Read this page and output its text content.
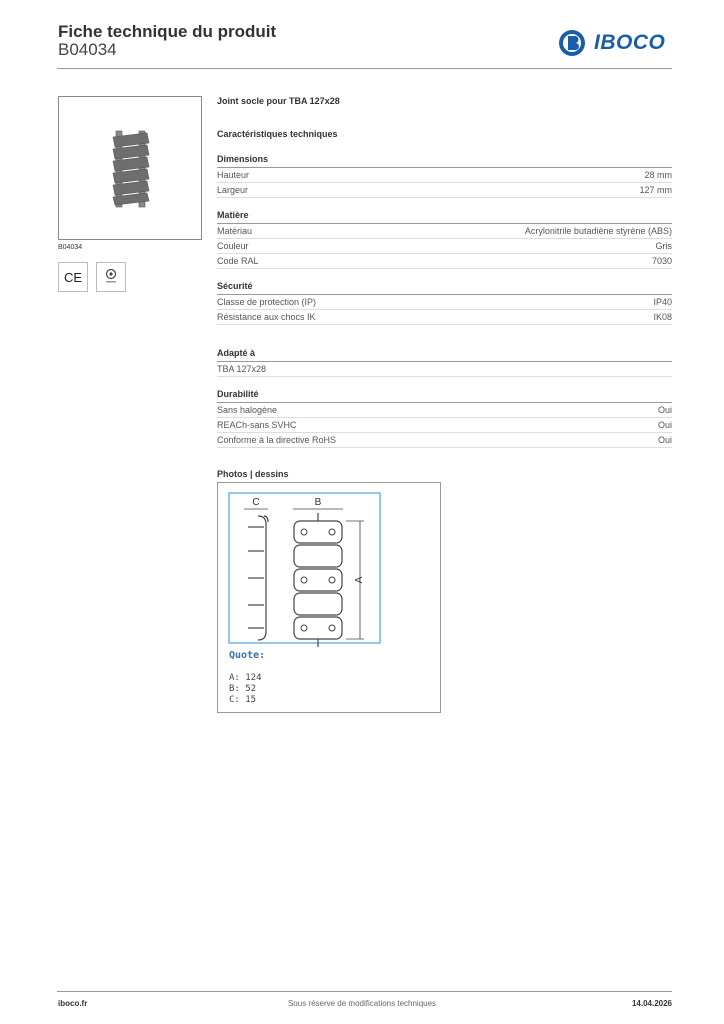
Fiche technique du produit
B04034	IBOCO
B04034
CE
Joint socle pour TBA 127x28
Caractéristiques techniques
Dimensions
Hauteur	28 mm
Largeur	127 mm
Matière
Matériau	Acrylonitrile butadiène styrène (ABS)
Couleur	Gris
Code RAL	7030
Sécurité
Classe de protection (IP)	IP40
Résistance aux chocs IK	IK08
Adapté à
TBA 127x28
Durabilité
Sans halogène	Oui
REACh-sans SVHC	Oui
Conforme à la directive RoHS	Oui
Photos | dessins
C	B
A
Quote:
A: 124
B: 52
C: 15
iboco.fr	Sous réserve de modifications techniques	14.04.2026
